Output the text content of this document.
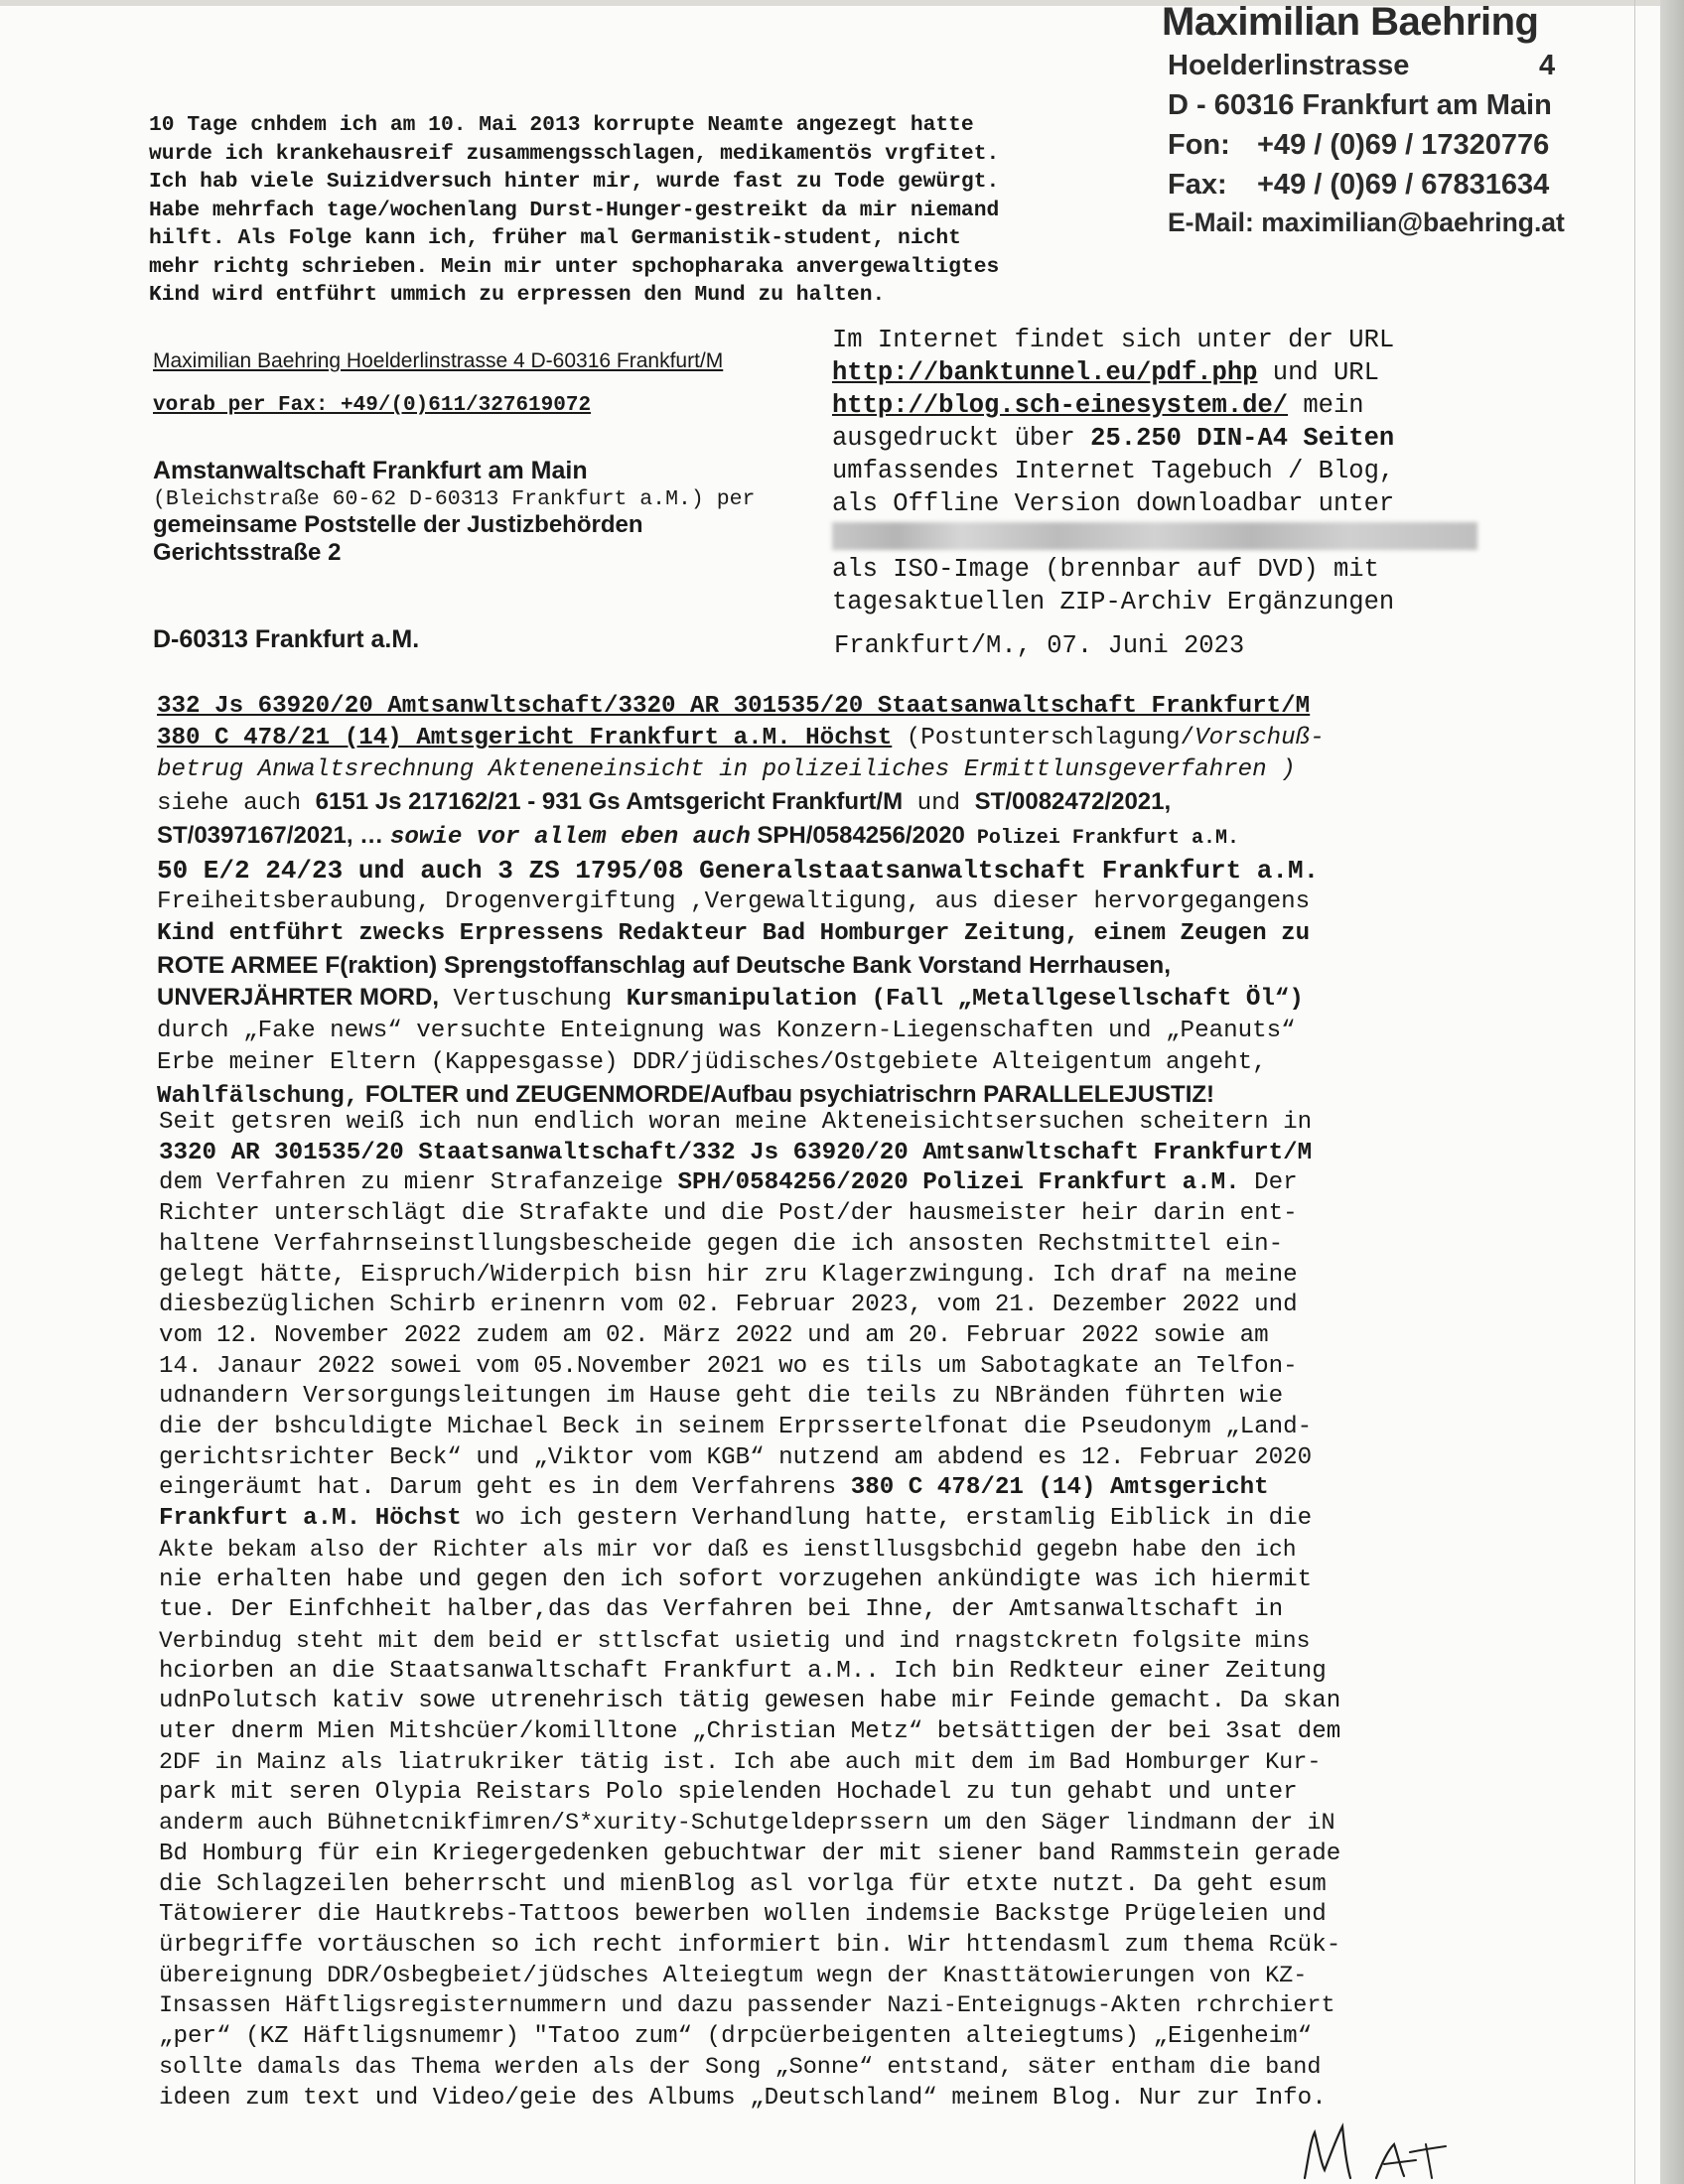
Maximilian Baehring
Hoelderlinstrasse	4
D - 60316 Frankfurt am Main
Fon: +49 / (0)69 / 17320776
Fax: +49 / (0)69 / 67831634
E-Mail: maximilian@baehring.at
10 Tage cnhdem ich am 10. Mai 2013 korrupte Neamte angezegt hatte
wurde ich krankehausreif zusammengsschlagen, medikamentös vrgfitet.
Ich hab viele Suizidversuch hinter mir, wurde fast zu Tode gewürgt.
Habe mehrfach tage/wochenlang Durst-Hunger-gestreikt da mir niemand
hilft. Als Folge kann ich, früher mal Germanistik-student, nicht
mehr richtg schrieben. Mein mir unter spchopharaka anvergewaltigtes
Kind wird entführt ummich zu erpressen den Mund zu halten.
Maximilian Baehring Hoelderlinstrasse 4 D-60316 Frankfurt/M
vorab per Fax: +49/(0)611/327619072
Amstanwaltschaft Frankfurt am Main
(Bleichstraße 60-62 D-60313 Frankfurt a.M.) per
gemeinsame Poststelle der Justizbehörden
Gerichtsstraße 2
D-60313 Frankfurt a.M.
Im Internet findet sich unter der URL
http://banktunnel.eu/pdf.php und URL
http://blog.sch-einesystem.de/ mein
ausgedruckt über 25.250 DIN-A4 Seiten
umfassendes Internet Tagebuch / Blog,
als Offline Version downloadbar unter
als ISO-Image (brennbar auf DVD) mit
tagesaktuellen ZIP-Archiv Ergänzungen
Frankfurt/M., 07. Juni 2023
332 Js 63920/20 Amtsanwltschaft/3320 AR 301535/20 Staatsanwaltschaft Frankfurt/M
380 C 478/21 (14) Amtsgericht Frankfurt a.M. Höchst (Postunterschlagung/Vorschuß-
betrug Anwaltsrechnung Akteneneinsicht in polizeiliches Ermittlunsgeverfahren )
siehe auch 6151 Js 217162/21 - 931 Gs Amtsgericht Frankfurt/M und ST/0082472/2021,
ST/0397167/2021, … sowie vor allem eben auch SPH/0584256/2020 Polizei Frankfurt a.M.
50 E/2 24/23 und auch 3 ZS 1795/08 Generalstaatsanwaltschaft Frankfurt a.M.
Freiheitsberaubung, Drogenvergiftung ,Vergewaltigung, aus dieser hervorgegangens
Kind entführt zwecks Erpressens Redakteur Bad Homburger Zeitung, einem Zeugen zu
ROTE ARMEE F(raktion) Sprengstoffanschlag auf Deutsche Bank Vorstand Herrhausen,
UNVERJÄHRTER MORD, Vertuschung Kursmanipulation (Fall „Metallgesellschaft Öl“)
durch „Fake news“ versuchte Enteignung was Konzern-Liegenschaften und „Peanuts“
Erbe meiner Eltern (Kappesgasse) DDR/jüdisches/Ostgebiete Alteigentum angeht,
Wahlfälschung, FOLTER und ZEUGENMORDE/Aufbau psychiatrischrn PARALLELEJUSTIZ!
Seit getsren weiß ich nun endlich woran meine Akteneisichtsersuchen scheitern in
3320 AR 301535/20 Staatsanwaltschaft/332 Js 63920/20 Amtsanwltschaft Frankfurt/M
dem Verfahren zu mienr Strafanzeige SPH/0584256/2020 Polizei Frankfurt a.M. Der
Richter unterschlägt die Strafakte und die Post/der hausmeister heir darin ent-
haltene Verfahrnseinstllungsbescheide gegen die ich ansosten Rechstmittel ein-
gelegt hätte, Eispruch/Widerpich bisn hir zru Klagerzwingung. Ich draf na meine
diesbezüglichen Schirb erinenrn vom 02. Februar 2023, vom 21. Dezember 2022 und
vom 12. November 2022 zudem am 02. März 2022 und am 20. Februar 2022 sowie am
14. Janaur 2022 sowei vom 05.November 2021 wo es tils um Sabotagkate an Telfon-
udnandern Versorgungsleitungen im Hause geht die teils zu NBränden führten wie
die der bshculdigte Michael Beck in seinem Erprssertelfonat die Pseudonym „Land-
gerichtsrichter Beck“ und „Viktor vom KGB“ nutzend am abdend es 12. Februar 2020
eingeräumt hat. Darum geht es in dem Verfahrens 380 C 478/21 (14) Amtsgericht
Frankfurt a.M. Höchst wo ich gestern Verhandlung hatte, erstamlig Eiblick in die
Akte bekam also der Richter als mir vor daß es ienstllusgsbchid gegebn habe den ich
nie erhalten habe und gegen den ich sofort vorzugehen ankündigte was ich hiermit
tue. Der Einfchheit halber,das das Verfahren bei Ihne, der Amtsanwaltschaft in
Verbindug steht mit dem beid er sttlscfat usietig und ind rnagstckretn folgsite mins
hciorben an die Staatsanwaltschaft Frankfurt a.M.. Ich bin Redkteur einer Zeitung
udnPolutsch kativ sowe utrenehrisch tätig gewesen habe mir Feinde gemacht. Da skan
uter dnerm Mien Mitshcüer/komilltone „Christian Metz“ betsättigen der bei 3sat dem
2DF in Mainz als liatrukriker tätig ist. Ich abe auch mit dem im Bad Homburger Kur-
park mit seren Olypia Reistars Polo spielenden Hochadel zu tun gehabt und unter
anderm auch Bühnetcnikfimren/S*xurity-Schutgeldeprssern um den Säger lindmann der iN
Bd Homburg für ein Kriegergedenken gebuchtwar der mit siener band Rammstein gerade
die Schlagzeilen beherrscht und mienBlog asl vorlga für etxte nutzt. Da geht esum
Tätowierer die Hautkrebs-Tattoos bewerben wollen indemsie Backstge Prügeleien und
ürbegriffe vortäuschen so ich recht informiert bin. Wir httendasml zum thema Rcük-
übereignung DDR/Osbegbeiet/jüdsches Alteiegtum wegn der Knasttätowierungen von KZ-
Insassen Häftligsregisternummern und dazu passender Nazi-Enteignugs-Akten rchrchiert
„per“ (KZ Häftligsnumemr) "Tatoo zum“ (drpcüerbeigenten alteiegtums) „Eigenheim“
sollte damals das Thema werden als der Song „Sonne“ entstand, säter entham die band
ideen zum text und Video/geie des Albums „Deutschland“ meinem Blog. Nur zur Info.
